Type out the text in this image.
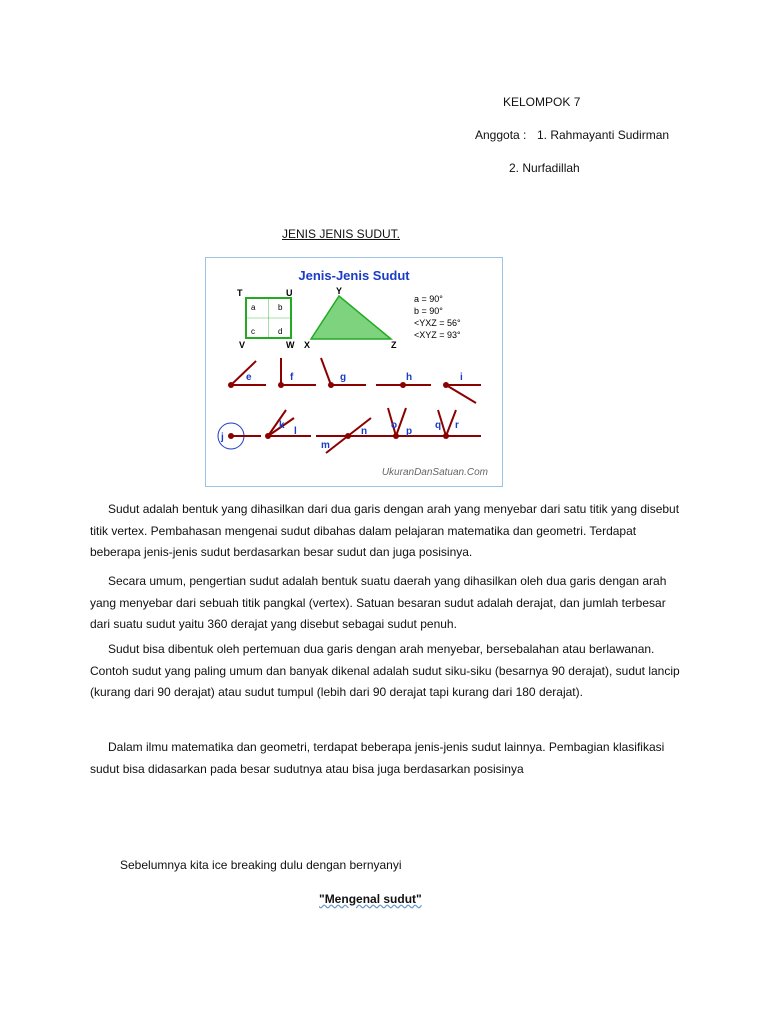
KELOMPOK 7
Anggota : 1. Rahmayanti Sudirman
2. Nurfadillah
JENIS JENIS SUDUT.
Jenis-Jenis Sudut
T	U
V	W
a	b
c	d
Y
X	Z
a = 90°
b = 90°
<YXZ = 56°
<XYZ = 93°
e	f	g	h	i
j
k
l
m
n
o
p
q r
UkuranDanSatuan.Com

Sudut adalah bentuk yang dihasilkan dari dua garis dengan arah yang menyebar dari satu titik yang disebut titik vertex. Pembahasan mengenai sudut dibahas dalam pelajaran matematika dan geometri. Terdapat beberapa jenis-jenis sudut berdasarkan besar sudut dan juga posisinya.

Secara umum, pengertian sudut adalah bentuk suatu daerah yang dihasilkan oleh dua garis dengan arah yang menyebar dari sebuah titik pangkal (vertex). Satuan besaran sudut adalah derajat, dan jumlah terbesar dari suatu sudut yaitu 360 derajat yang disebut sebagai sudut penuh.

Sudut bisa dibentuk oleh pertemuan dua garis dengan arah menyebar, bersebalahan atau berlawanan. Contoh sudut yang paling umum dan banyak dikenal adalah sudut siku-siku (besarnya 90 derajat), sudut lancip (kurang dari 90 derajat) atau sudut tumpul (lebih dari 90 derajat tapi kurang dari 180 derajat).

Dalam ilmu matematika dan geometri, terdapat beberapa jenis-jenis sudut lainnya. Pembagian klasifikasi sudut bisa didasarkan pada besar sudutnya atau bisa juga berdasarkan posisinya

Sebelumnya kita ice breaking dulu dengan bernyanyi
"Mengenal sudut"
